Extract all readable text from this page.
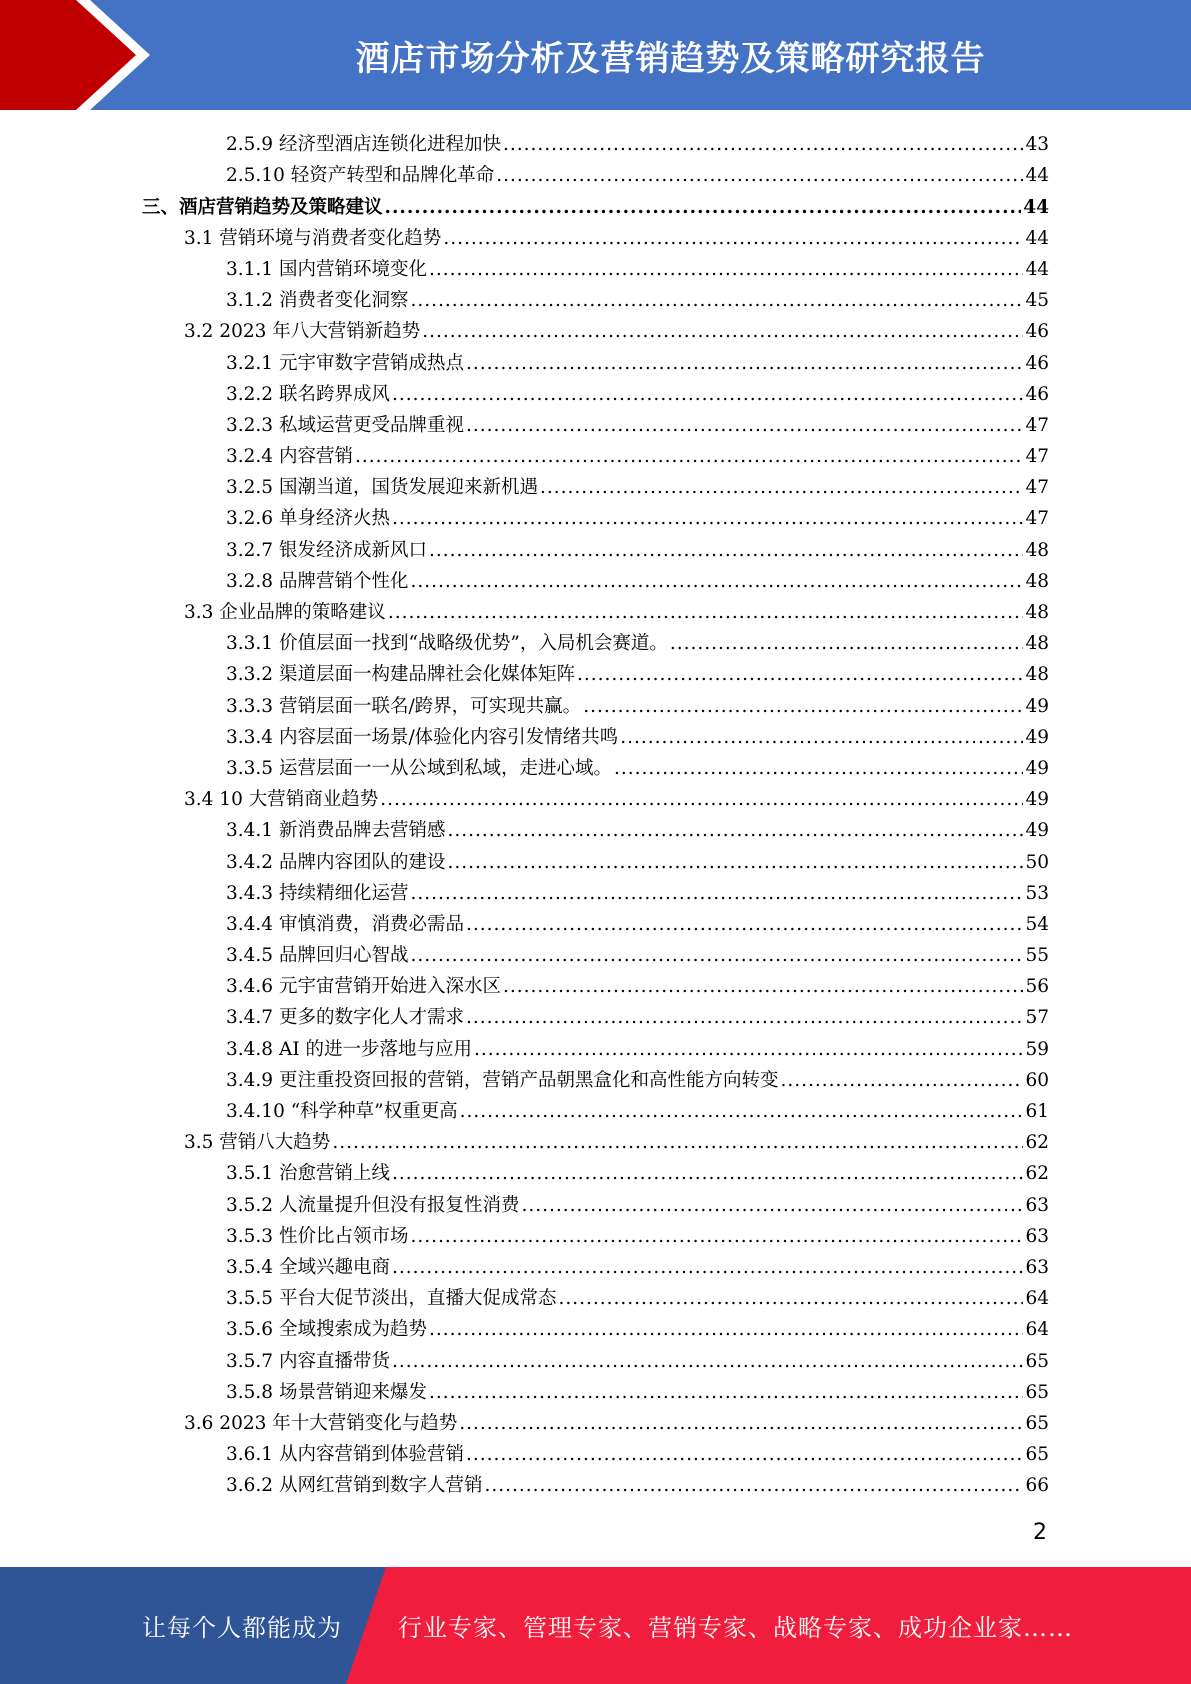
酒店市场分析及营销趋势及策略研究报告
2.5.9 经济型酒店连锁化进程加快 .....	43
2.5.10 轻资产转型和品牌化革命 .....	44
三、酒店营销趋势及策略建议 .....	44
3.1 营销环境与消费者变化趋势 .....	44
3.1.1 国内营销环境变化 .....	44
3.1.2 消费者变化洞察 .....	45
3.2 2023 年八大营销新趋势 .....	46
3.2.1 元宇审数字营销成热点 .....	46
3.2.2 联名跨界成风 .....	46
3.2.3 私域运营更受品牌重视 .....	47
3.2.4 内容营销 .....	47
3.2.5 国潮当道，国货发展迎来新机遇 .....	47
3.2.6 单身经济火热 .....	47
3.2.7 银发经济成新风口 .....	48
3.2.8 品牌营销个性化 .....	48
3.3 企业品牌的策略建议 .....	48
3.3.1 价值层面一找到“战略级优势”，入局机会赛道。 .....	48
3.3.2 渠道层面一构建品牌社会化媒体矩阵 .....	48
3.3.3 营销层面一联名/跨界，可实现共赢。 .....	49
3.3.4 内容层面一场景/体验化内容引发情绪共鸣 .....	49
3.3.5 运营层面一一从公域到私域，走进心域。 .....	49
3.4 10 大营销商业趋势 .....	49
3.4.1 新消费品牌去营销感 .....	49
3.4.2 品牌内容团队的建设 .....	50
3.4.3 持续精细化运营 .....	53
3.4.4 审慎消费，消费必需品 .....	54
3.4.5 品牌回归心智战 .....	55
3.4.6 元宇宙营销开始进入深水区 .....	56
3.4.7 更多的数字化人才需求 .....	57
3.4.8 AI 的进一步落地与应用 .....	59
3.4.9 更注重投资回报的营销，营销产品朝黑盒化和高性能方向转变 .....	60
3.4.10 “科学种草”权重更高 .....	61
3.5 营销八大趋势 .....	62
3.5.1 治愈营销上线 .....	62
3.5.2 人流量提升但没有报复性消费 .....	63
3.5.3 性价比占领市场 .....	63
3.5.4 全域兴趣电商 .....	63
3.5.5 平台大促节淡出，直播大促成常态 .....	64
3.5.6 全域搜索成为趋势 .....	64
3.5.7 内容直播带货 .....	65
3.5.8 场景营销迎来爆发 .....	65
3.6 2023 年十大营销变化与趋势 .....	65
3.6.1 从内容营销到体验营销 .....	65
3.6.2 从网红营销到数字人营销 .....	66
2
让每个人都能成为 行业专家、管理专家、营销专家、战略专家、成功企业家……
